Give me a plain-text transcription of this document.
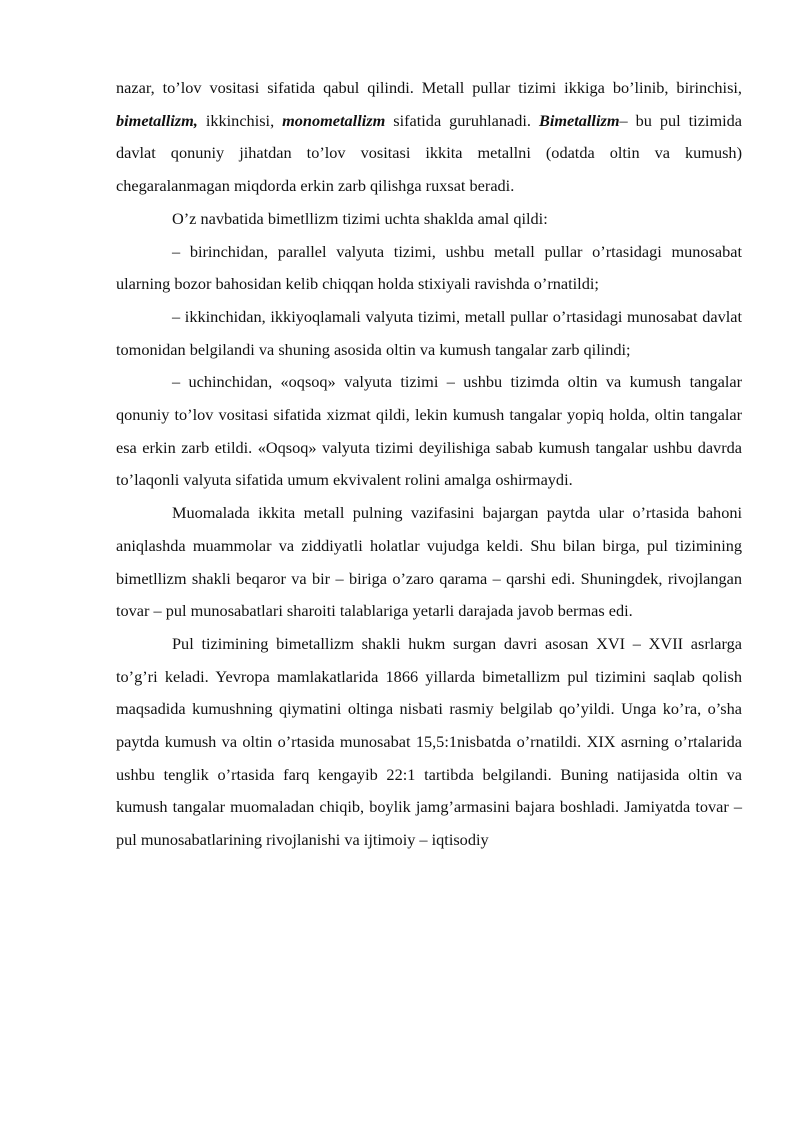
nazar, to’lov vositasi sifatida qabul qilindi. Metall pullar tizimi ikkiga bo’linib, birinchisi, bimetallizm, ikkinchisi, monometallizm sifatida guruhlanadi. Bimetallizm– bu pul tizimida davlat qonuniy jihatdan to’lov vositasi ikkita metallni (odatda oltin va kumush) chegaralanmagan miqdorda erkin zarb qilishga ruxsat beradi.

O’z navbatida bimetllizm tizimi uchta shaklda amal qildi:

– birinchidan, parallel valyuta tizimi, ushbu metall pullar o’rtasidagi munosabat ularning bozor bahosidan kelib chiqqan holda stixiyali ravishda o’rnatildi;

– ikkinchidan, ikkiyoqlamali valyuta tizimi, metall pullar o’rtasidagi munosabat davlat tomonidan belgilandi va shuning asosida oltin va kumush tangalar zarb qilindi;

– uchinchidan, «oqsoq» valyuta tizimi – ushbu tizimda oltin va kumush tangalar qonuniy to’lov vositasi sifatida xizmat qildi, lekin kumush tangalar yopiq holda, oltin tangalar esa erkin zarb etildi. «Oqsoq» valyuta tizimi deyilishiga sabab kumush tangalar ushbu davrda to’laqonli valyuta sifatida umum ekvivalent rolini amalga oshirmaydi.

Muomalada ikkita metall pulning vazifasini bajargan paytda ular o’rtasida bahoni aniqlashda muammolar va ziddiyatli holatlar vujudga keldi. Shu bilan birga, pul tizimining bimetllizm shakli beqaror va bir – biriga o’zaro qarama – qarshi edi. Shuningdek, rivojlangan tovar – pul munosabatlari sharoiti talablariga yetarli darajada javob bermas edi.

Pul tizimining bimetallizm shakli hukm surgan davri asosan XVI – XVII asrlarga to’g’ri keladi. Yevropa mamlakatlarida 1866 yillarda bimetallizm pul tizimini saqlab qolish maqsadida kumushning qiymatini oltinga nisbati rasmiy belgilab qo’yildi. Unga ko’ra, o’sha paytda kumush va oltin o’rtasida munosabat 15,5:1nisbatda o’rnatildi. XIX asrning o’rtalarida ushbu tenglik o’rtasida farq kengayib 22:1 tartibda belgilandi. Buning natijasida oltin va kumush tangalar muomaladan chiqib, boylik jamg’armasini bajara boshladi. Jamiyatda tovar – pul munosabatlarining rivojlanishi va ijtimoiy – iqtisodiy
